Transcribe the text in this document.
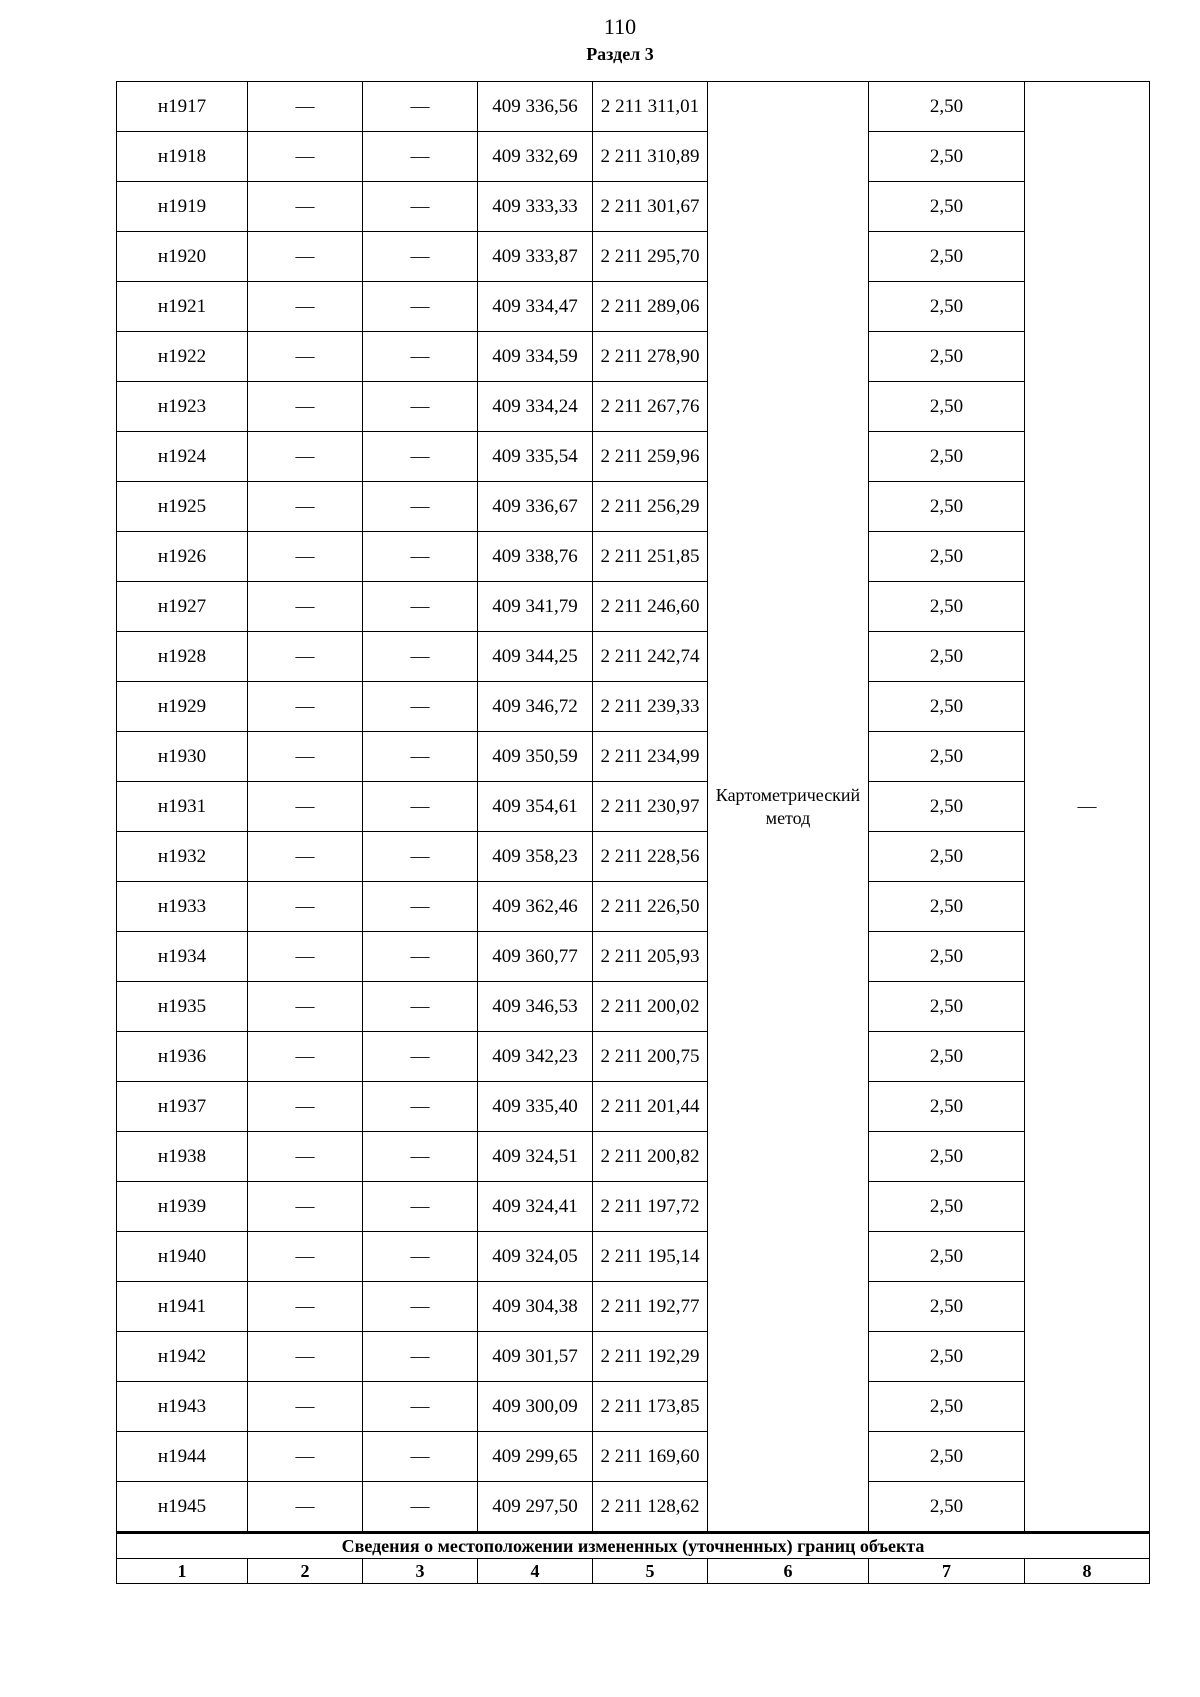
110
Раздел 3
н1917	—	—	409 336,56	2 211 311,01	Картометрический метод	2,50	—
н1918	—	—	409 332,69	2 211 310,89		2,50	
н1919	—	—	409 333,33	2 211 301,67		2,50	
н1920	—	—	409 333,87	2 211 295,70		2,50	
н1921	—	—	409 334,47	2 211 289,06		2,50	
н1922	—	—	409 334,59	2 211 278,90		2,50	
н1923	—	—	409 334,24	2 211 267,76		2,50	
н1924	—	—	409 335,54	2 211 259,96		2,50	
н1925	—	—	409 336,67	2 211 256,29		2,50	
н1926	—	—	409 338,76	2 211 251,85		2,50	
н1927	—	—	409 341,79	2 211 246,60		2,50	
н1928	—	—	409 344,25	2 211 242,74		2,50	
н1929	—	—	409 346,72	2 211 239,33		2,50	
н1930	—	—	409 350,59	2 211 234,99		2,50	
н1931	—	—	409 354,61	2 211 230,97		2,50	
н1932	—	—	409 358,23	2 211 228,56		2,50	
н1933	—	—	409 362,46	2 211 226,50		2,50	
н1934	—	—	409 360,77	2 211 205,93		2,50	
н1935	—	—	409 346,53	2 211 200,02		2,50	
н1936	—	—	409 342,23	2 211 200,75		2,50	
н1937	—	—	409 335,40	2 211 201,44		2,50	
н1938	—	—	409 324,51	2 211 200,82		2,50	
н1939	—	—	409 324,41	2 211 197,72		2,50	
н1940	—	—	409 324,05	2 211 195,14		2,50	
н1941	—	—	409 304,38	2 211 192,77		2,50	
н1942	—	—	409 301,57	2 211 192,29		2,50	
н1943	—	—	409 300,09	2 211 173,85		2,50	
н1944	—	—	409 299,65	2 211 169,60		2,50	
н1945	—	—	409 297,50	2 211 128,62		2,50	
Сведения о местоположении измененных (уточненных) границ объекта							
1	2	3	4	5	6	7	8
